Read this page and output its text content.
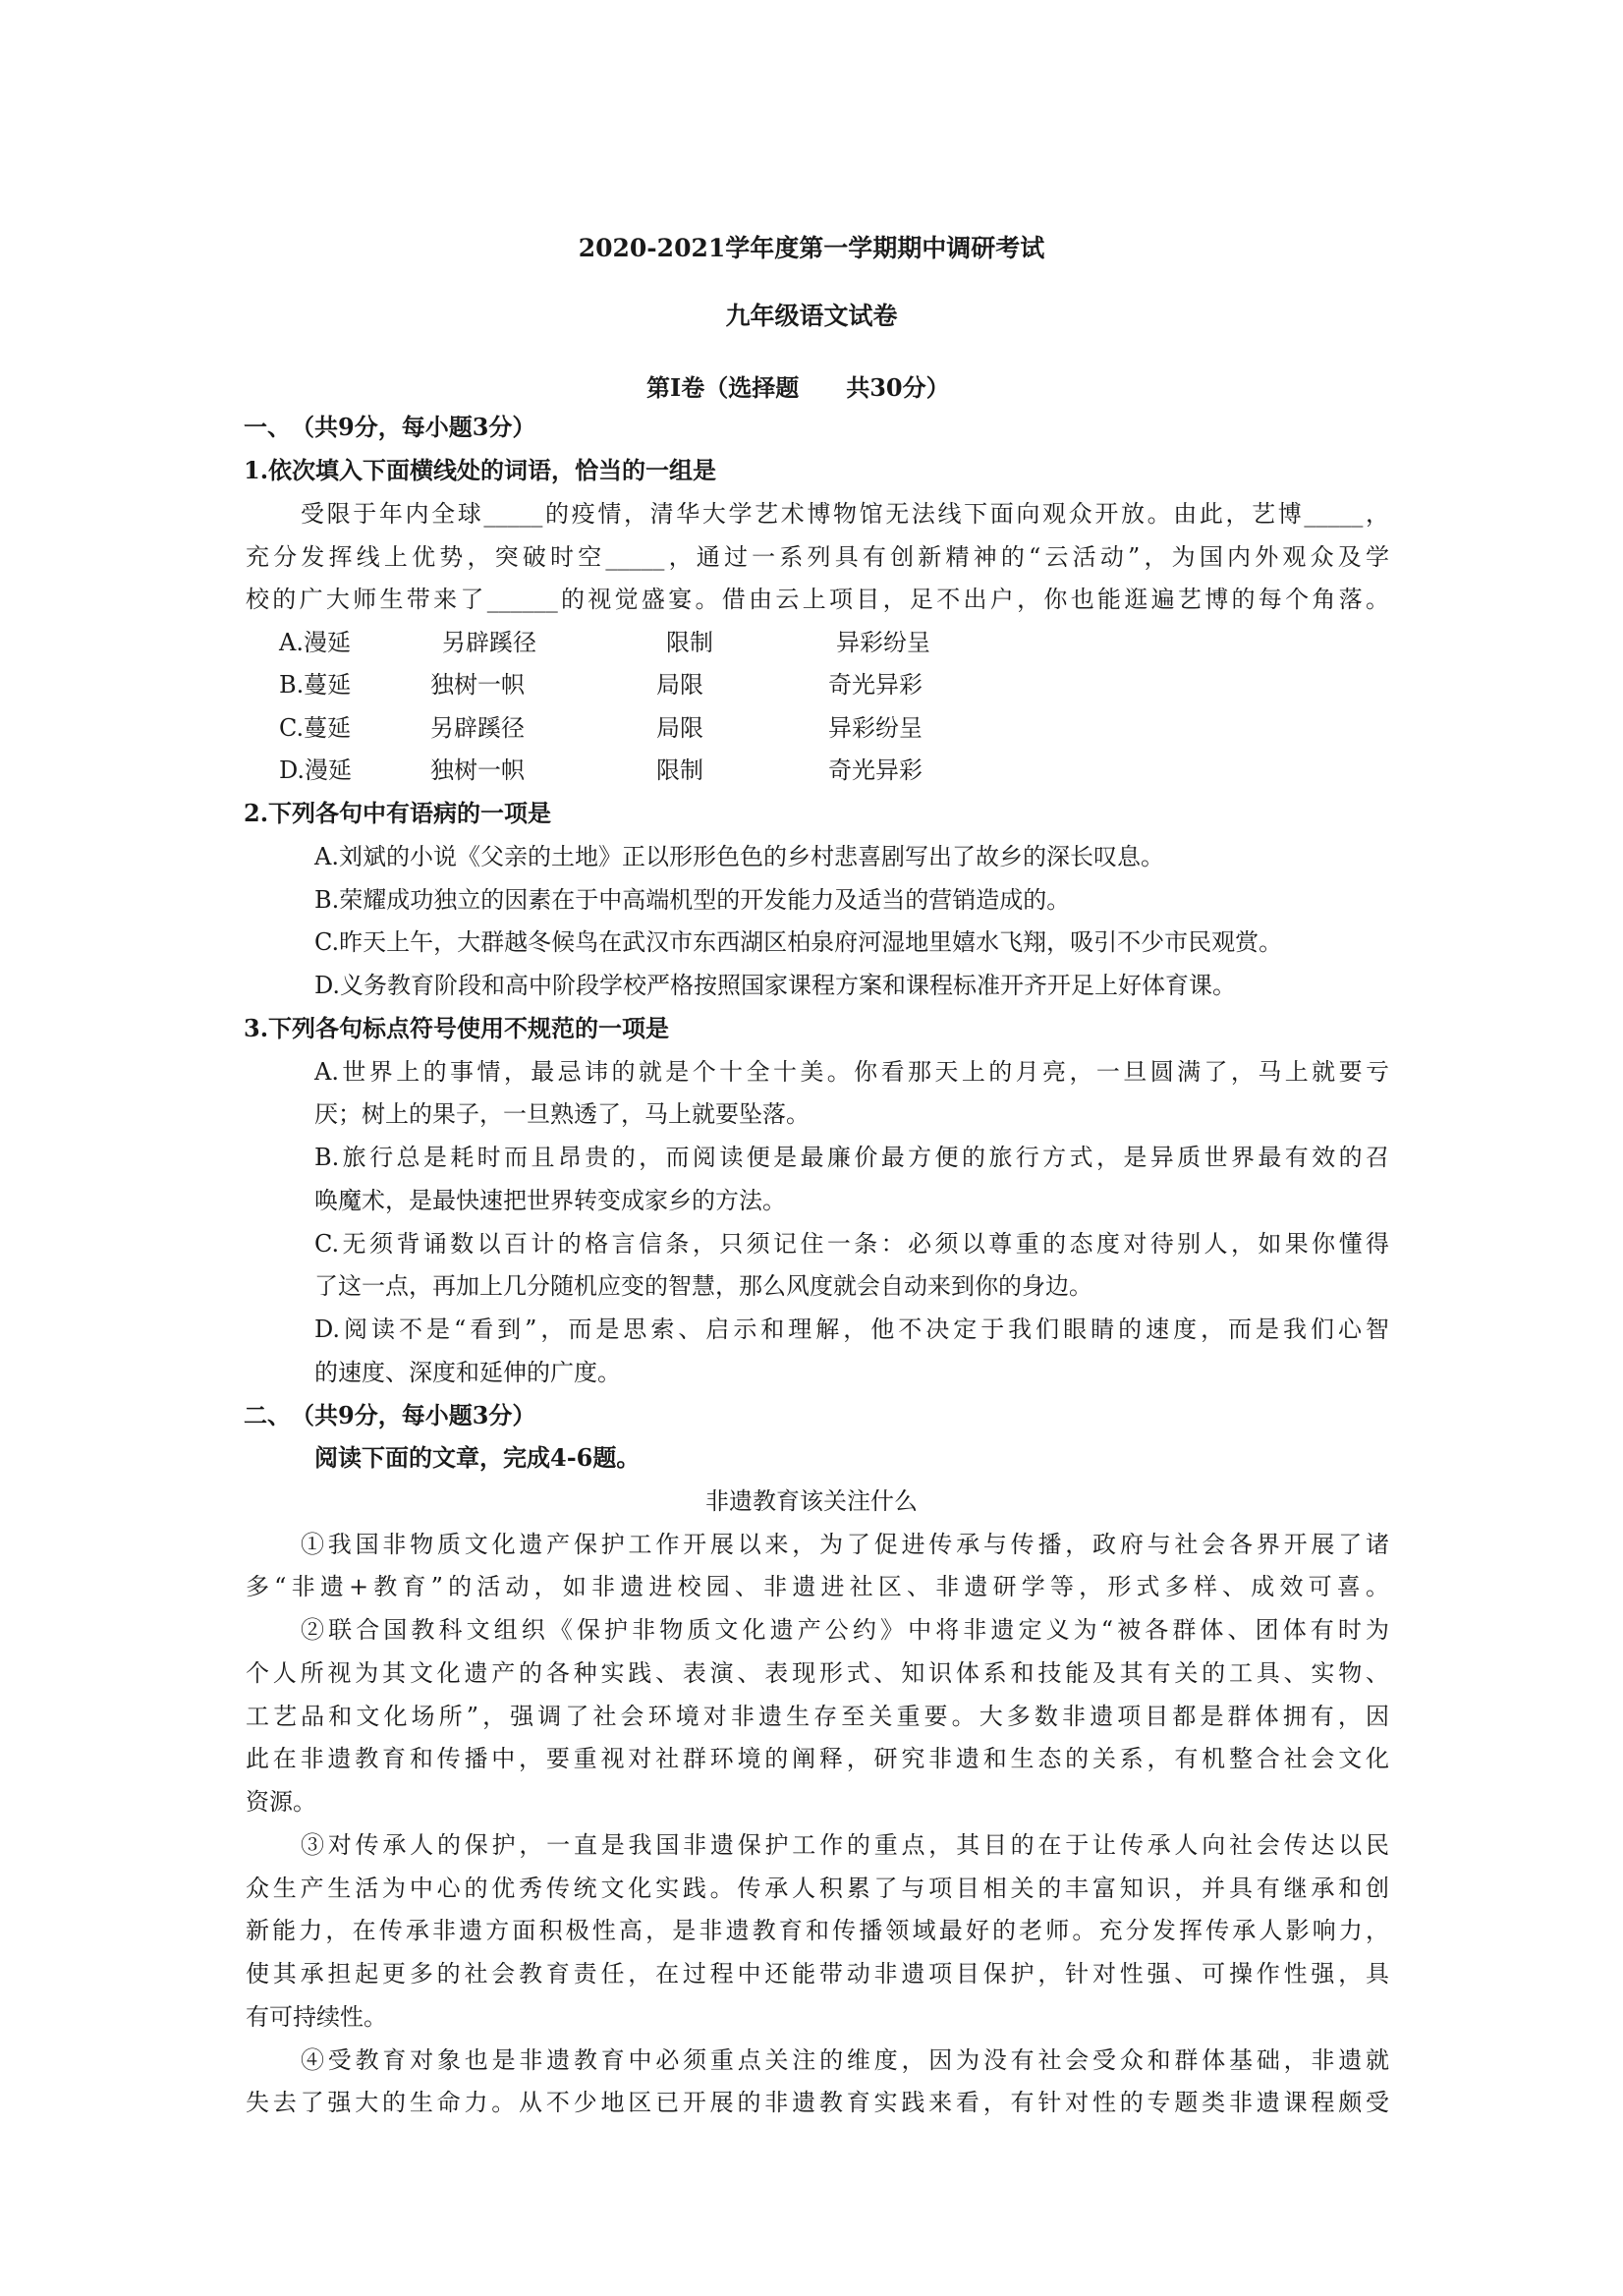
2020-2021学年度第一学期期中调研考试
九年级语文试卷
第Ⅰ卷（选择题　　共30分）
一、　（共9分，每小题3分）
1.依次填入下面横线处的词语，恰当的一组是
受限于年内全球_____的疫情，清华大学艺术博物馆无法线下面向观众开放。由此，艺博_____，
充分发挥线上优势，突破时空_____，通过一系列具有创新精神的“云活动”，为国内外观众及学
校的广大师生带来了______的视觉盛宴。借由云上项目，足不出户，你也能逛遍艺博的每个角落。
A.漫延	另辟蹊径	限制	异彩纷呈
B.蔓延	独树一帜	局限	奇光异彩
C.蔓延	另辟蹊径	局限	异彩纷呈
D.漫延	独树一帜	限制	奇光异彩
2.下列各句中有语病的一项是
A.刘斌的小说《父亲的土地》正以形形色色的乡村悲喜剧写出了故乡的深长叹息。
B.荣耀成功独立的因素在于中高端机型的开发能力及适当的营销造成的。
C.昨天上午，大群越冬候鸟在武汉市东西湖区柏泉府河湿地里嬉水飞翔，吸引不少市民观赏。
D.义务教育阶段和高中阶段学校严格按照国家课程方案和课程标准开齐开足上好体育课。
3.下列各句标点符号使用不规范的一项是
A.世界上的事情，最忌讳的就是个十全十美。你看那天上的月亮，一旦圆满了，马上就要亏
厌；树上的果子，一旦熟透了，马上就要坠落。
B.旅行总是耗时而且昂贵的，而阅读便是最廉价最方便的旅行方式，是异质世界最有效的召
唤魔术，是最快速把世界转变成家乡的方法。
C.无须背诵数以百计的格言信条，只须记住一条：必须以尊重的态度对待别人，如果你懂得
了这一点，再加上几分随机应变的智慧，那么风度就会自动来到你的身边。
D.阅读不是“看到”，而是思索、启示和理解，他不决定于我们眼睛的速度，而是我们心智
的速度、深度和延伸的广度。
二、　（共9分，每小题3分）
阅读下面的文章，完成4-6题。
非遗教育该关注什么
①我国非物质文化遗产保护工作开展以来，为了促进传承与传播，政府与社会各界开展了诸
多“非遗+教育”的活动，如非遗进校园、非遗进社区、非遗研学等，形式多样、成效可喜。
②联合国教科文组织《保护非物质文化遗产公约》中将非遗定义为“被各群体、团体有时为
个人所视为其文化遗产的各种实践、表演、表现形式、知识体系和技能及其有关的工具、实物、
工艺品和文化场所”，强调了社会环境对非遗生存至关重要。大多数非遗项目都是群体拥有，因
此在非遗教育和传播中，要重视对社群环境的阐释，研究非遗和生态的关系，有机整合社会文化
资源。
③对传承人的保护，一直是我国非遗保护工作的重点，其目的在于让传承人向社会传达以民
众生产生活为中心的优秀传统文化实践。传承人积累了与项目相关的丰富知识，并具有继承和创
新能力，在传承非遗方面积极性高，是非遗教育和传播领域最好的老师。充分发挥传承人影响力，
使其承担起更多的社会教育责任，在过程中还能带动非遗项目保护，针对性强、可操作性强，具
有可持续性。
④受教育对象也是非遗教育中必须重点关注的维度，因为没有社会受众和群体基础，非遗就
失去了强大的生命力。从不少地区已开展的非遗教育实践来看，有针对性的专题类非遗课程颇受
